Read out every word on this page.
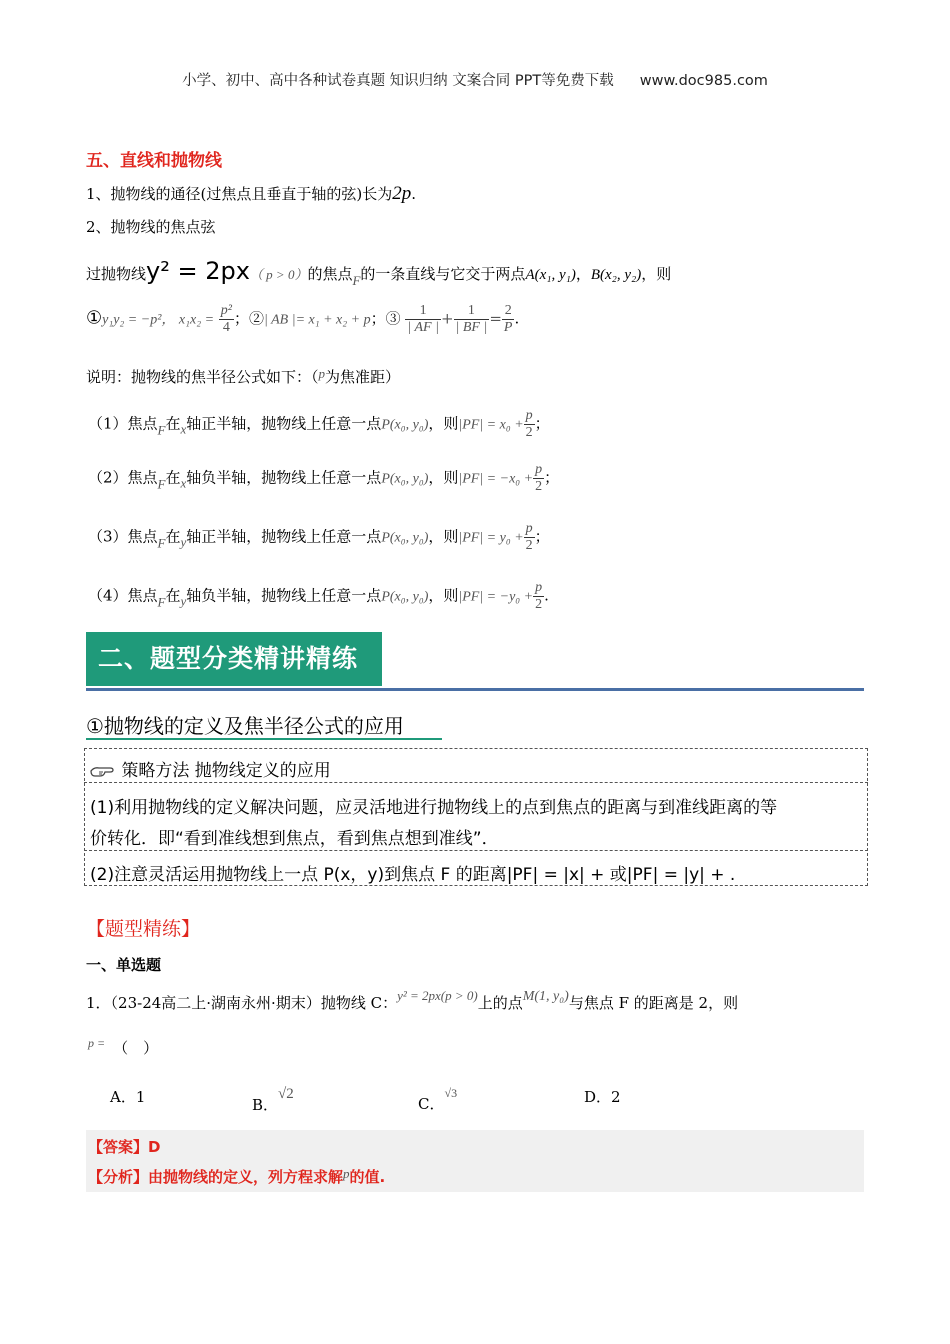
小学、初中、高中各种试卷真题 知识归纳 文案合同 PPT等免费下载 www.doc985.com
五、直线和抛物线
1、抛物线的通径(过焦点且垂直于轴的弦)长为2p.
2、抛物线的焦点弦
过抛物线y² = 2px（ p > 0）的焦点F的一条直线与它交于两点A(x₁, y₁)，B(x₂, y₂)，则
①y₁y₂ = −p²， $x_1x_2 = \frac{\text{p²}}{4}$ ；②| AB |= x₁ + x₂ + p；③ $\frac{1}{| AF |} + \frac{1}{| BF |} = \frac{2}{P}$ .
说明：抛物线的焦半径公式如下：（p为焦准距）
（1）焦点F在x轴正半轴，抛物线上任意一点P(x₀, y₀)，则$|PF| = x_0 + \frac{p}{2}$ ；
（2）焦点F在x轴负半轴，抛物线上任意一点P(x₀, y₀)，则$|PF| = -x_0 + \frac{p}{2}$ ；
（3）焦点F在y轴正半轴，抛物线上任意一点P(x₀, y₀)，则$|PF| = y_0 + \frac{p}{2}$ ；
（4）焦点F在y轴负半轴，抛物线上任意一点P(x₀, y₀)，则$|PF| = -y_0 + \frac{p}{2}$ .
二、题型分类精讲精练
①抛物线的定义及焦半径公式的应用
策略方法 抛物线定义的应用
(1)利用抛物线的定义解决问题，应灵活地进行抛物线上的点到焦点的距离与到准线距离的等
价转化．即“看到准线想到焦点，看到焦点想到准线”．
(2)注意灵活运用抛物线上一点 P(x，y)到焦点 F 的距离|PF| = |x| + 或|PF| = |y| + .
【题型精练】
一、单选题
1．（23-24高二上·湖南永州·期末）抛物线 C：y² = 2px(p > 0)上的点M(1, y₀)与焦点 F 的距离是 2，则
$^{p =}$ （　）
A．1	B．√2
C．$^{√3}$	D．2
【答案】D
【分析】由抛物线的定义，列方程求解p的值.
